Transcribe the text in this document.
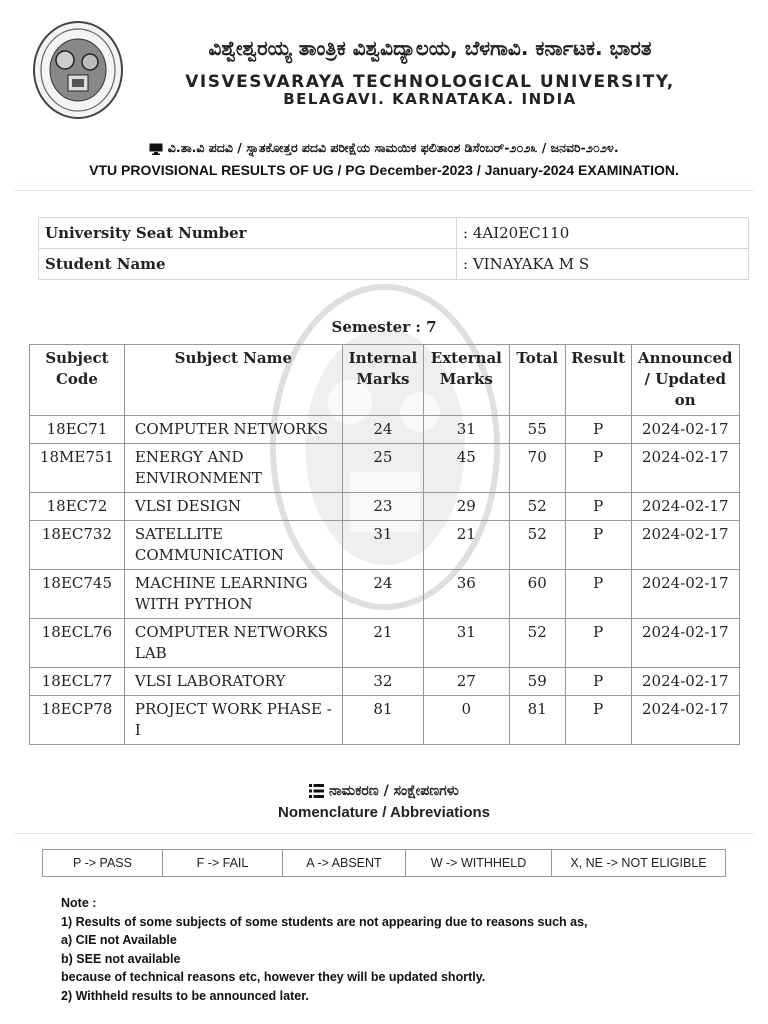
ವಿಶ್ವೇಶ್ವರಯ್ಯ ತಾಂತ್ರಿಕ ವಿಶ್ವವಿದ್ಯಾಲಯ, ಬೆಳಗಾವಿ. ಕರ್ನಾಟಕ. ಭಾರತ
VISVESVARAYA TECHNOLOGICAL UNIVERSITY,
BELAGAVI. KARNATAKA. INDIA
ವಿ.ತಾ.ವಿ ಪದವಿ / ಸ್ನಾತಕೋತ್ತರ ಪದವಿ ಪರೀಕ್ಷೆಯ ಸಾಮಯಿಕ ಫಲಿತಾಂಶ ಡಿಸೆಂಬರ್-೨೦೨೩ / ಜನವರಿ-೨೦೨೪.
VTU PROVISIONAL RESULTS OF UG / PG December-2023 / January-2024 EXAMINATION.
University Seat Number	: 4AI20EC110
Student Name	: VINAYAKA M S
Semester : 7
Subject Code	Subject Name	Internal Marks	External Marks	Total	Result	Announced / Updated on
18EC71	COMPUTER NETWORKS	24	31	55	P	2024-02-17
18ME751	ENERGY AND ENVIRONMENT	25	45	70	P	2024-02-17
18EC72	VLSI DESIGN	23	29	52	P	2024-02-17
18EC732	SATELLITE COMMUNICATION	31	21	52	P	2024-02-17
18EC745	MACHINE LEARNING WITH PYTHON	24	36	60	P	2024-02-17
18ECL76	COMPUTER NETWORKS LAB	21	31	52	P	2024-02-17
18ECL77	VLSI LABORATORY	32	27	59	P	2024-02-17
18ECP78	PROJECT WORK PHASE - I	81	0	81	P	2024-02-17
ನಾಮಕರಣ / ಸಂಕ್ಷೇಪಣಗಳು
Nomenclature / Abbreviations
P -> PASS	F -> FAIL	A -> ABSENT	W -> WITHHELD	X, NE -> NOT ELIGIBLE
Note :
1) Results of some subjects of some students are not appearing due to reasons such as,
a) CIE not Available
b) SEE not available
because of technical reasons etc, however they will be updated shortly.
2) Withheld results to be announced later.
